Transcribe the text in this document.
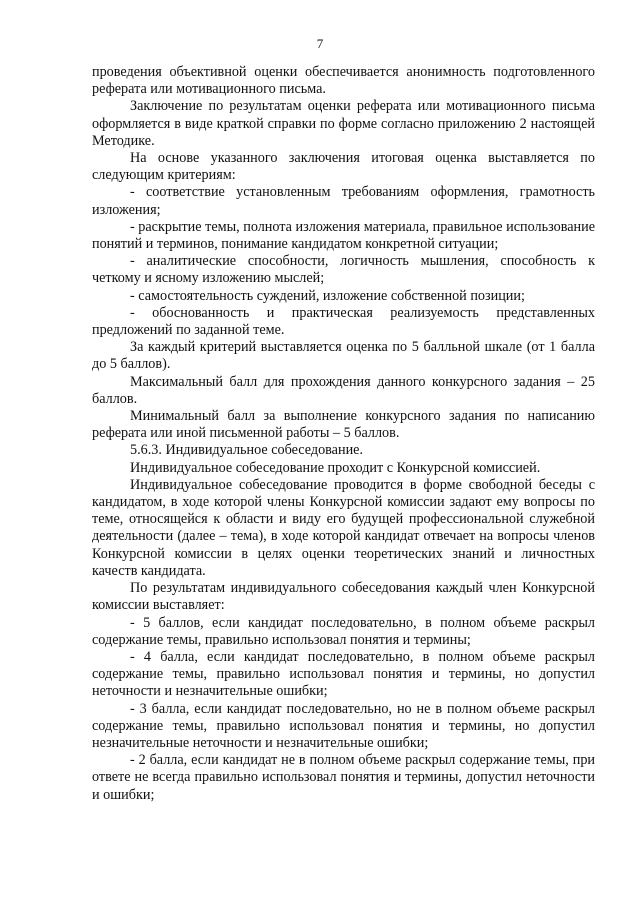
7

проведения объективной оценки обеспечивается анонимность подготовленного реферата или мотивационного письма.

Заключение по результатам оценки реферата или мотивационного письма оформляется в виде краткой справки по форме согласно приложению 2 настоящей Методике.

На основе указанного заключения итоговая оценка выставляется по следующим критериям:

- соответствие установленным требованиям оформления, грамотность изложения;

- раскрытие темы, полнота изложения материала, правильное использование понятий и терминов, понимание кандидатом конкретной ситуации;

- аналитические способности, логичность мышления, способность к четкому и ясному изложению мыслей;

- самостоятельность суждений, изложение собственной позиции;

- обоснованность и практическая реализуемость представленных предложений по заданной теме.

За каждый критерий выставляется оценка по 5 балльной шкале (от 1 балла до 5 баллов).

Максимальный балл для прохождения данного конкурсного задания – 25 баллов.

Минимальный балл за выполнение конкурсного задания по написанию реферата или иной письменной работы – 5 баллов.

5.6.3. Индивидуальное собеседование.

Индивидуальное собеседование проходит с Конкурсной комиссией.

Индивидуальное собеседование проводится в форме свободной беседы с кандидатом, в ходе которой члены Конкурсной комиссии задают ему вопросы по теме, относящейся к области и виду его будущей профессиональной служебной деятельности (далее – тема), в ходе которой кандидат отвечает на вопросы членов Конкурсной комиссии в целях оценки теоретических знаний и личностных качеств кандидата.

По результатам индивидуального собеседования каждый член Конкурсной комиссии выставляет:

- 5 баллов, если кандидат последовательно, в полном объеме раскрыл содержание темы, правильно использовал понятия и термины;

- 4 балла, если кандидат последовательно, в полном объеме раскрыл содержание темы, правильно использовал понятия и термины, но допустил неточности и незначительные ошибки;

- 3 балла, если кандидат последовательно, но не в полном объеме раскрыл содержание темы, правильно использовал понятия и термины, но допустил незначительные неточности и незначительные ошибки;

- 2 балла, если кандидат не в полном объеме раскрыл содержание темы, при ответе не всегда правильно использовал понятия и термины, допустил неточности и ошибки;
